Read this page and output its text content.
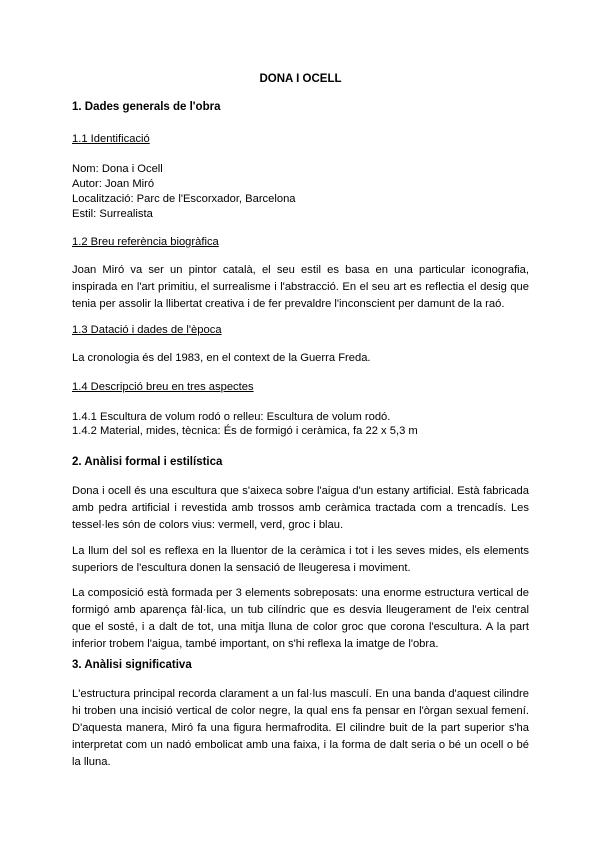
DONA I OCELL
1. Dades generals de l'obra
1.1 Identificació
Nom: Dona i Ocell
Autor: Joan Miró
Localització: Parc de l'Escorxador, Barcelona
Estil: Surrealista
1.2 Breu referència biogràfica

Joan Miró va ser un pintor català, el seu estil es basa en una particular iconografia, inspirada en l'art primitiu, el surrealisme i l'abstracció. En el seu art es reflectia el desig que tenia per assolir la llibertat creativa i de fer prevaldre l'inconscient per damunt de la raó.

1.3 Datació i dades de l'època
La cronologia és del 1983, en el context de la Guerra Freda.
1.4 Descripció breu en tres aspectes
1.4.1 Escultura de volum rodó o relleu: Escultura de volum rodó.
1.4.2 Material, mides, tècnica: És de formigó i ceràmica, fa 22 x 5,3 m
2. Anàlisi formal i estilística

Dona i ocell és una escultura que s'aixeca sobre l'aigua d'un estany artificial. Està fabricada amb pedra artificial i revestida amb trossos amb ceràmica tractada com a trencadís. Les tessel·les són de colors vius: vermell, verd, groc i blau.

La llum del sol es reflexa en la lluentor de la ceràmica i tot i les seves mides, els elements superiors de l'escultura donen la sensació de lleugeresa i moviment.

La composició està formada per 3 elements sobreposats: una enorme estructura vertical de formigó amb aparença fàl·lica, un tub cilíndric que es desvia lleugerament de l'eix central que el sosté, i a dalt de tot, una mitja lluna de color groc que corona l'escultura. A la part inferior trobem l'aigua, també important, on s'hi reflexa la imatge de l'obra.

3. Anàlisi significativa

L'estructura principal recorda clarament a un fal·lus masculí. En una banda d'aquest cilindre hi troben una incisió vertical de color negre, la qual ens fa pensar en l'òrgan sexual femení. D'aquesta manera, Miró fa una figura hermafrodita. El cilindre buit de la part superior s'ha interpretat com un nadó embolicat amb una faixa, i la forma de dalt seria o bé un ocell o bé la lluna.
